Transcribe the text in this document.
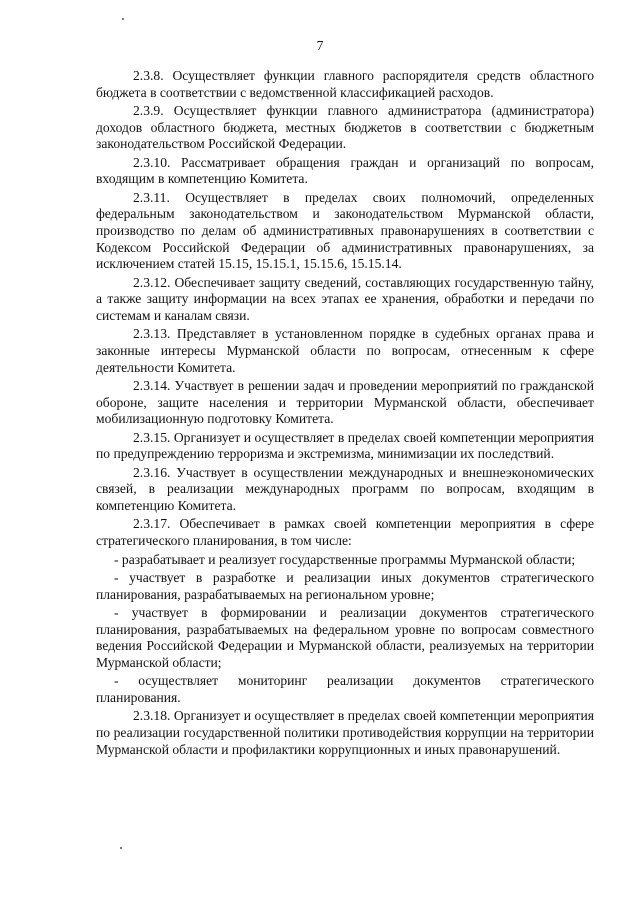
7

2.3.8. Осуществляет функции главного распорядителя средств областного бюджета в соответствии с ведомственной классификацией расходов.

2.3.9. Осуществляет функции главного администратора (администратора) доходов областного бюджета, местных бюджетов в соответствии с бюджетным законодательством Российской Федерации.

2.3.10. Рассматривает обращения граждан и организаций по вопросам, входящим в компетенцию Комитета.

2.3.11. Осуществляет в пределах своих полномочий, определенных федеральным законодательством и законодательством Мурманской области, производство по делам об административных правонарушениях в соответствии с Кодексом Российской Федерации об административных правонарушениях, за исключением статей 15.15, 15.15.1, 15.15.6, 15.15.14.

2.3.12. Обеспечивает защиту сведений, составляющих государственную тайну, а также защиту информации на всех этапах ее хранения, обработки и передачи по системам и каналам связи.

2.3.13. Представляет в установленном порядке в судебных органах права и законные интересы Мурманской области по вопросам, отнесенным к сфере деятельности Комитета.

2.3.14. Участвует в решении задач и проведении мероприятий по гражданской обороне, защите населения и территории Мурманской области, обеспечивает мобилизационную подготовку Комитета.

2.3.15. Организует и осуществляет в пределах своей компетенции мероприятия по предупреждению терроризма и экстремизма, минимизации их последствий.

2.3.16. Участвует в осуществлении международных и внешнеэкономических связей, в реализации международных программ по вопросам, входящим в компетенцию Комитета.

2.3.17. Обеспечивает в рамках своей компетенции мероприятия в сфере стратегического планирования, в том числе:

- разрабатывает и реализует государственные программы Мурманской области;

- участвует в разработке и реализации иных документов стратегического планирования, разрабатываемых на региональном уровне;

- участвует в формировании и реализации документов стратегического планирования, разрабатываемых на федеральном уровне по вопросам совместного ведения Российской Федерации и Мурманской области, реализуемых на территории Мурманской области;

- осуществляет мониторинг реализации документов стратегического планирования.

2.3.18. Организует и осуществляет в пределах своей компетенции мероприятия по реализации государственной политики противодействия коррупции на территории Мурманской области и профилактики коррупционных и иных правонарушений.
